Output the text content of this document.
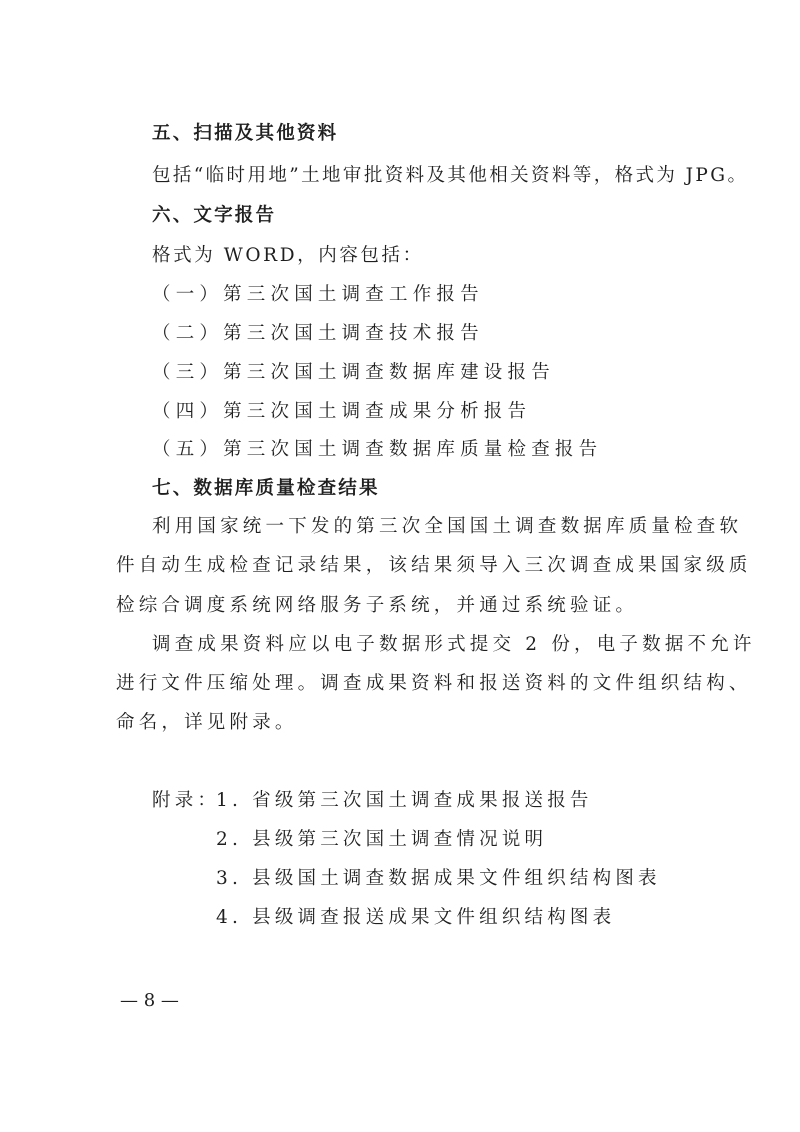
五、扫描及其他资料
包括“临时用地”土地审批资料及其他相关资料等，格式为 JPG。
六、文字报告
格式为 WORD，内容包括：
（一）第三次国土调查工作报告
（二）第三次国土调查技术报告
（三）第三次国土调查数据库建设报告
（四）第三次国土调查成果分析报告
（五）第三次国土调查数据库质量检查报告
七、数据库质量检查结果
利用国家统一下发的第三次全国国土调查数据库质量检查软
件自动生成检查记录结果，该结果须导入三次调查成果国家级质
检综合调度系统网络服务子系统，并通过系统验证。
调查成果资料应以电子数据形式提交 2 份，电子数据不允许
进行文件压缩处理。调查成果资料和报送资料的文件组织结构、
命名，详见附录。
附录：
1. 省级第三次国土调查成果报送报告
2. 县级第三次国土调查情况说明
3. 县级国土调查数据成果文件组织结构图表
4. 县级调查报送成果文件组织结构图表
— 8 —
